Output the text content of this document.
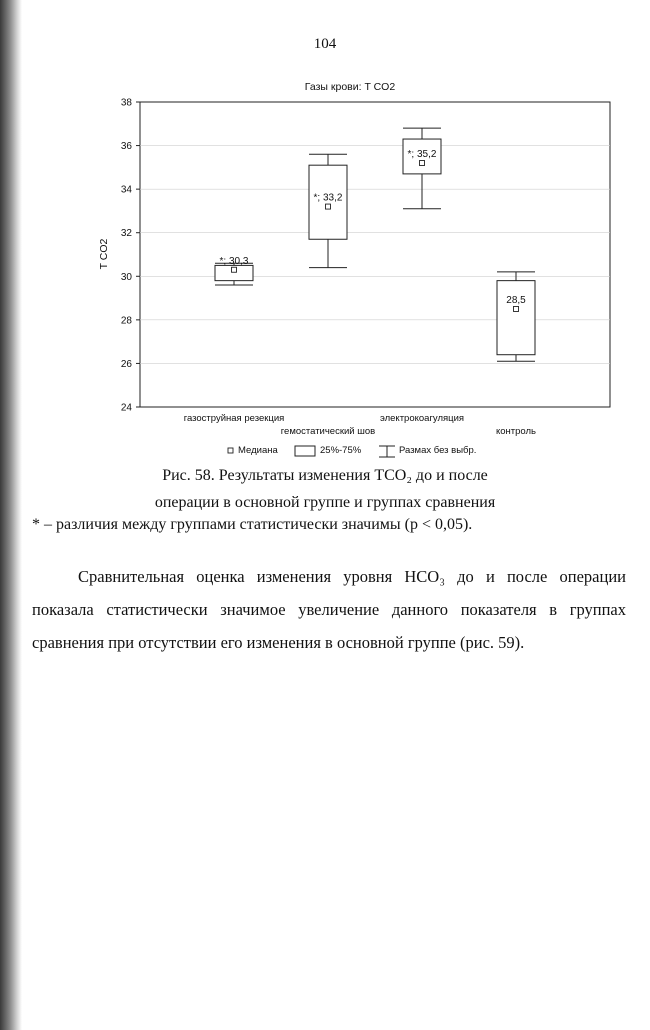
104
Газы крови: T CO2
24
26
28
30
32
34
36
38
T CO2	*; 30,3
*; 33,2
*; 35,2
28,5
газоструйная резекция
гемостатический шов
электрокоагуляция
контроль
Медиана	25%-75%	Размах без выбр.
Рис. 58. Результаты изменения TCO₂ до и после
операции в основной группе и группах сравнения
* – различия между группами статистически значимы (p < 0,05).
Сравнительная оценка изменения уровня HCO₃ до и после операции показала статистически значимое увеличение данного показателя в группах сравнения при отсутствии его изменения в основной группе (рис. 59).
